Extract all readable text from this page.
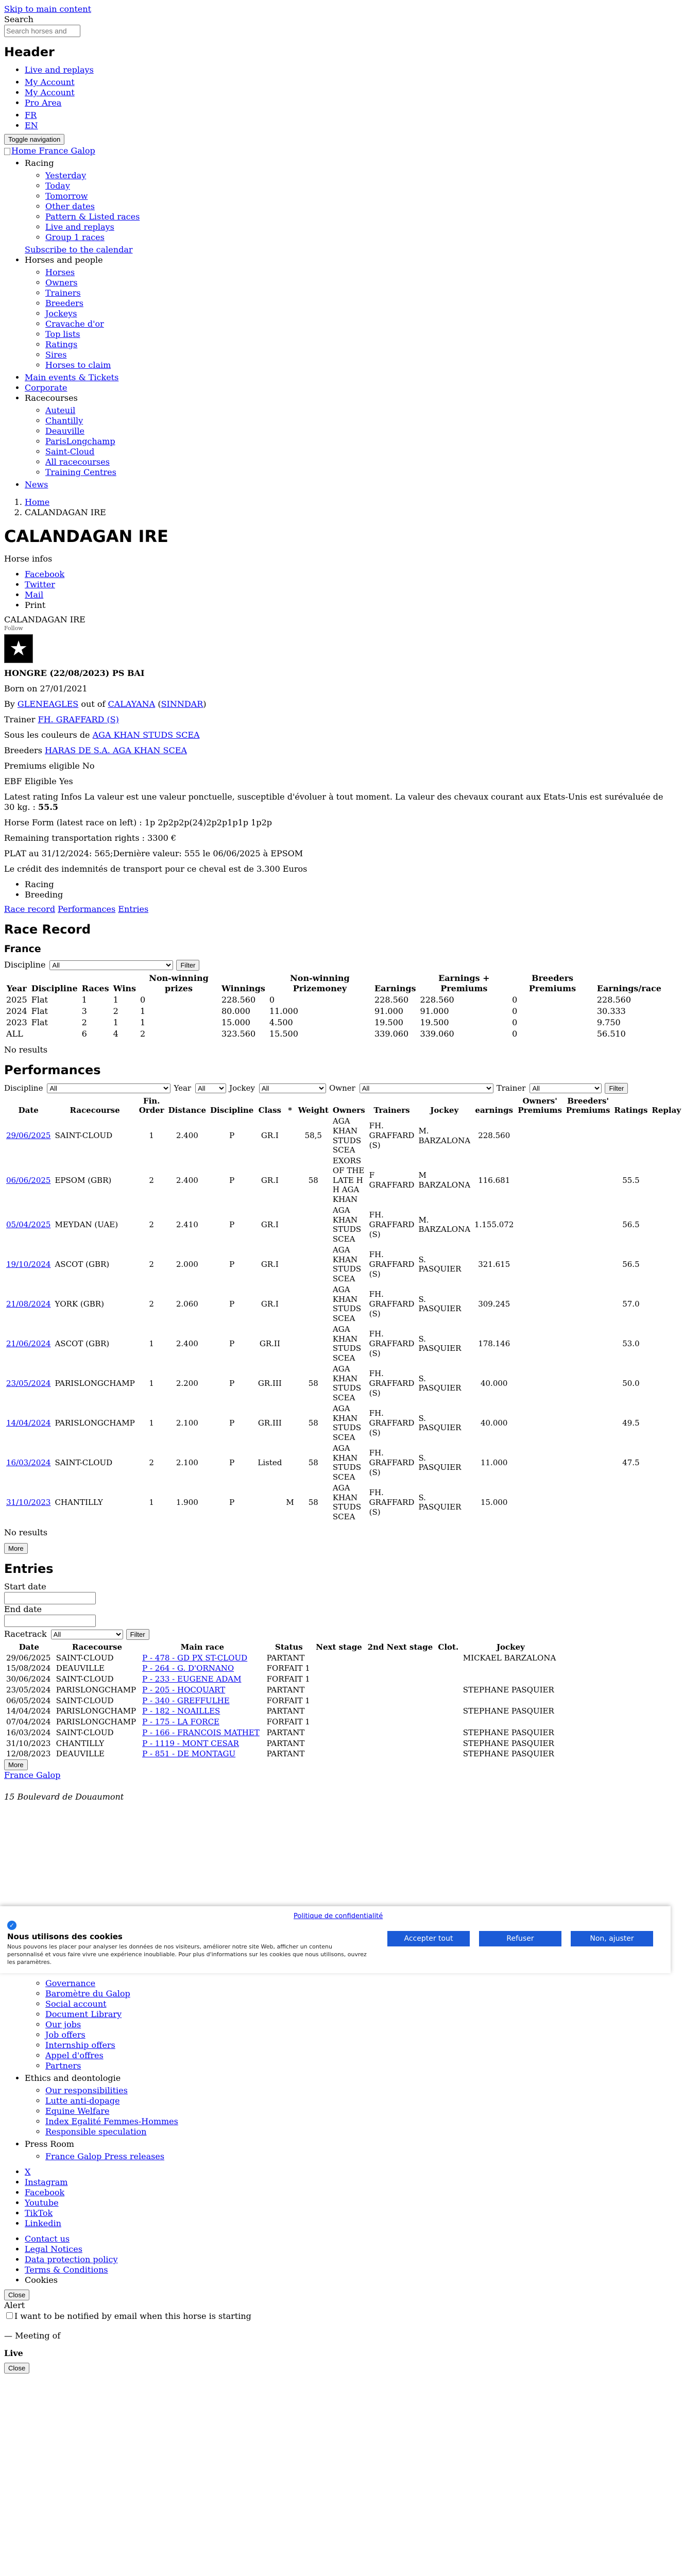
Skip to main content
Search
Search horses and
Header
• Live and replays
• My Account
• My Account
• Pro Area
• FR
• EN
Toggle navigation
Home France Galop
• Racing
◦ Yesterday
◦ Today
◦ Tomorrow
◦ Other dates
◦ Pattern & Listed races
◦ Live and replays
◦ Group 1 races
Subscribe to the calendar
• Horses and people
◦ Horses
◦ Owners
◦ Trainers
◦ Breeders
◦ Jockeys
◦ Cravache d'or
◦ Top lists
◦ Ratings
◦ Sires
◦ Horses to claim
• Main events & Tickets
• Corporate
• Racecourses
◦ Auteuil
◦ Chantilly
◦ Deauville
◦ ParisLongchamp
◦ Saint-Cloud
◦ All racecourses
◦ Training Centres
• News
1. Home
2. CALANDAGAN IRE
CALANDAGAN IRE

Horse infos

• Facebook
• Twitter
• Mail
• Print
CALANDAGAN IRE
Follow
★

HONGRE (22/08/2023) PS BAI

Born on 27/01/2021

By GLENEAGLES out of CALAYANA (SINNDAR)

Trainer FH. GRAFFARD (S)

Sous les couleurs de AGA KHAN STUDS SCEA

Breeders HARAS DE S.A. AGA KHAN SCEA

Premiums eligible No

EBF Eligible Yes

Latest rating Infos La valeur est une valeur ponctuelle, susceptible d'évoluer à tout moment. La valeur des chevaux courant aux Etats-Unis est surévaluée de 30 kg. : 55.5

Horse Form (latest race on left) : 1p 2p2p2p(24)2p2p1p1p 1p2p

Remaining transportation rights : 3300 €

PLAT au 31/12/2024: 565;Dernière valeur: 555 le 06/06/2025 à EPSOM

Le crédit des indemnités de transport pour ce cheval est de 3.300 Euros

• Racing
• Breeding
Race record Performances Entries
Race Record
France
Discipline
All	Filter
Year	Discipline	Races	Wins	Non-winning prizes	Winnings	Non-winning Prizemoney	Earnings	Earnings + Premiums	Breeders Premiums	Earnings/race
2025	Flat	1	1	0	228.560	0	228.560	228.560	0	228.560
2024	Flat	3	2	1	80.000	11.000	91.000	91.000	0	30.333
2023	Flat	2	1	1	15.000	4.500	19.500	19.500	0	9.750
ALL		6	4	2	323.560	15.500	339.060	339.060	0	56.510

No results

Performances
Discipline
All	Year
All	Jockey
All	Owner
All	Trainer
All	Filter
Date	Racecourse	Fin. Order	Distance	Discipline	Class	*	Weight	Owners	Trainers	Jockey	earnings	Owners' Premiums	Breeders' Premiums	Ratings	Replay
29/06/2025	SAINT-CLOUD	1	2.400	P	GR.I		58,5	AGA KHAN STUDS SCEA	FH. GRAFFARD (S)	M. BARZALONA	228.560				
06/06/2025	EPSOM (GBR)	2	2.400	P	GR.I		58	EXORS OF THE LATE H H AGA KHAN	F GRAFFARD	M BARZALONA	116.681			55.5	
05/04/2025	MEYDAN (UAE)	2	2.410	P	GR.I			AGA KHAN STUDS SCEA	FH. GRAFFARD (S)	M. BARZALONA	1.155.072			56.5	
19/10/2024	ASCOT (GBR)	2	2.000	P	GR.I			AGA KHAN STUDS SCEA	FH. GRAFFARD (S)	S. PASQUIER	321.615			56.5	
21/08/2024	YORK (GBR)	2	2.060	P	GR.I			AGA KHAN STUDS SCEA	FH. GRAFFARD (S)	S. PASQUIER	309.245			57.0	
21/06/2024	ASCOT (GBR)	1	2.400	P	GR.II			AGA KHAN STUDS SCEA	FH. GRAFFARD (S)	S. PASQUIER	178.146			53.0	
23/05/2024	PARISLONGCHAMP	1	2.200	P	GR.III		58	AGA KHAN STUDS SCEA	FH. GRAFFARD (S)	S. PASQUIER	40.000			50.0	
14/04/2024	PARISLONGCHAMP	1	2.100	P	GR.III		58	AGA KHAN STUDS SCEA	FH. GRAFFARD (S)	S. PASQUIER	40.000			49.5	
16/03/2024	SAINT-CLOUD	2	2.100	P	Listed		58	AGA KHAN STUDS SCEA	FH. GRAFFARD (S)	S. PASQUIER	11.000			47.5	
31/10/2023	CHANTILLY	1	1.900	P		M	58	AGA KHAN STUDS SCEA	FH. GRAFFARD (S)	S. PASQUIER	15.000				

No results

More
Entries
Start date
End date
Racetrack
All	Filter
Date	Racecourse	Main race	Status	Next stage	2nd Next stage	Clot.	Jockey
29/06/2025	SAINT-CLOUD	P - 478 - GD PX ST-CLOUD	PARTANT				MICKAEL BARZALONA
15/08/2024	DEAUVILLE	P - 264 - G. D'ORNANO	FORFAIT 1				
30/06/2024	SAINT-CLOUD	P - 233 - EUGENE ADAM	FORFAIT 1				
23/05/2024	PARISLONGCHAMP	P - 205 - HOCQUART	PARTANT				STEPHANE PASQUIER
06/05/2024	SAINT-CLOUD	P - 340 - GREFFULHE	FORFAIT 1				
14/04/2024	PARISLONGCHAMP	P - 182 - NOAILLES	PARTANT				STEPHANE PASQUIER
07/04/2024	PARISLONGCHAMP	P - 175 - LA FORCE	FORFAIT 1				
16/03/2024	SAINT-CLOUD	P - 166 - FRANCOIS MATHET	PARTANT				STEPHANE PASQUIER
31/10/2023	CHANTILLY	P - 1119 - MONT CESAR	PARTANT				STEPHANE PASQUIER
12/08/2023	DEAUVILLE	P - 851 - DE MONTAGU	PARTANT				STEPHANE PASQUIER
More
France Galop

15 Boulevard de Douaumont

Politique de confidentialité
✓
Nous utilisons des cookies
Nous pouvons les placer pour analyser les données de nos visiteurs, améliorer notre site Web, afficher un contenu personnalisé et vous faire vivre une expérience inoubliable. Pour plus d'informations sur les cookies que nous utilisons, ouvrez les paramètres.
Accepter tout	Refuser	Non, ajuster
◦ Governance
◦ Baromètre du Galop
◦ Social account
◦ Document Library
◦ Our jobs
◦ Job offers
◦ Internship offers
◦ Appel d'offres
◦ Partners
• Ethics and deontologie
◦ Our responsibilities
◦ Lutte anti-dopage
◦ Equine Welfare
◦ Index Egalité Femmes-Hommes
◦ Responsible speculation
• Press Room
◦ France Galop Press releases
• X
• Instagram
• Facebook
• Youtube
• TikTok
• Linkedin
• Contact us
• Legal Notices
• Data protection policy
• Terms & Conditions
• Cookies
Close
Alert
I want to be notified by email when this horse is starting
— Meeting of
Live
Close
